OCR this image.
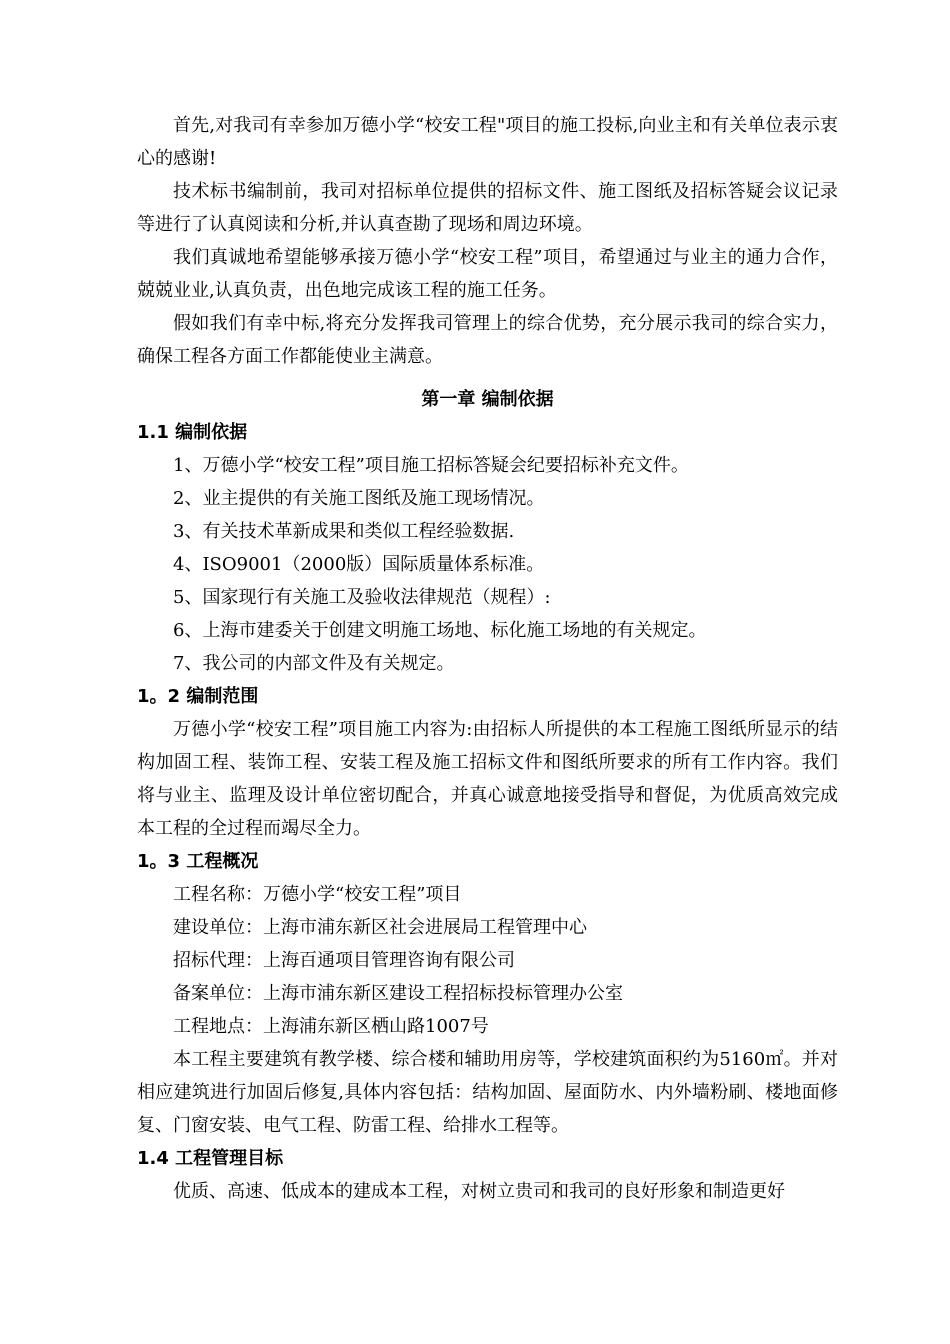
首先,对我司有幸参加万德小学“校安工程"项目的施工投标,向业主和有关单位表示衷心的感谢!

技术标书编制前，我司对招标单位提供的招标文件、施工图纸及招标答疑会议记录等进行了认真阅读和分析,并认真查勘了现场和周边环境。

我们真诚地希望能够承接万德小学“校安工程”项目，希望通过与业主的通力合作，兢兢业业,认真负责，出色地完成该工程的施工任务。

假如我们有幸中标,将充分发挥我司管理上的综合优势，充分展示我司的综合实力，确保工程各方面工作都能使业主满意。

第一章 编制依据
1.1 编制依据

1、万德小学“校安工程”项目施工招标答疑会纪要招标补充文件。

2、业主提供的有关施工图纸及施工现场情况。

3、有关技术革新成果和类似工程经验数据.

4、ISO9001（2000版）国际质量体系标准。

5、国家现行有关施工及验收法律规范（规程）:

6、上海市建委关于创建文明施工场地、标化施工场地的有关规定。

7、我公司的内部文件及有关规定。

1。2 编制范围

万德小学“校安工程”项目施工内容为:由招标人所提供的本工程施工图纸所显示的结构加固工程、装饰工程、安装工程及施工招标文件和图纸所要求的所有工作内容。我们将与业主、监理及设计单位密切配合，并真心诚意地接受指导和督促，为优质高效完成本工程的全过程而竭尽全力。

1。3 工程概况

工程名称：万德小学“校安工程”项目

建设单位：上海市浦东新区社会进展局工程管理中心

招标代理：上海百通项目管理咨询有限公司

备案单位：上海市浦东新区建设工程招标投标管理办公室

工程地点：上海浦东新区栖山路1007号

本工程主要建筑有教学楼、综合楼和辅助用房等，学校建筑面积约为5160㎡。并对相应建筑进行加固后修复,具体内容包括：结构加固、屋面防水、内外墙粉刷、楼地面修复、门窗安装、电气工程、防雷工程、给排水工程等。

1.4 工程管理目标

优质、高速、低成本的建成本工程，对树立贵司和我司的良好形象和制造更好
